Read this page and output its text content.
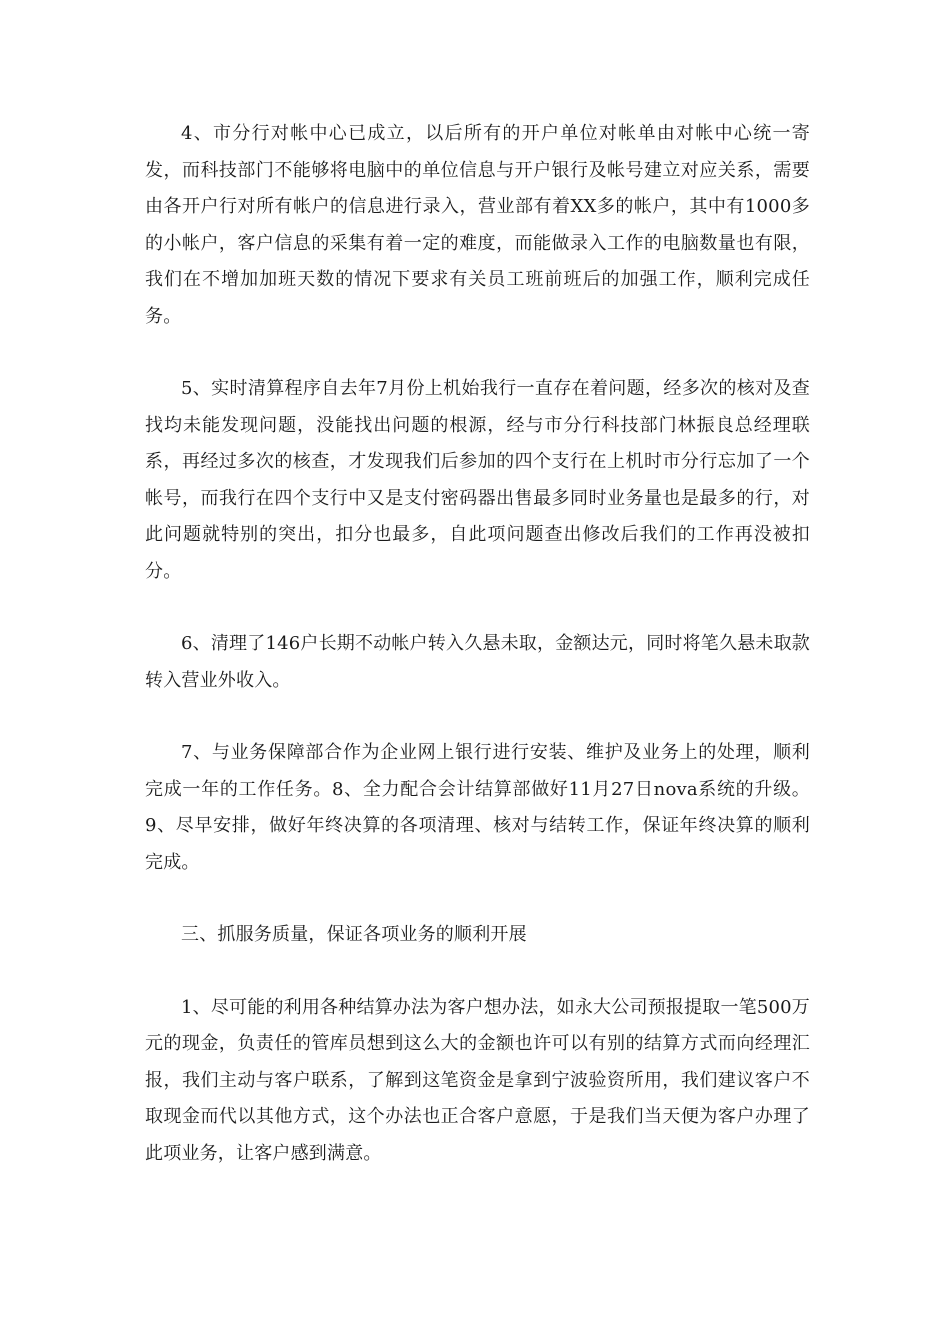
4、市分行对帐中心已成立，以后所有的开户单位对帐单由对帐中心统一寄发，而科技部门不能够将电脑中的单位信息与开户银行及帐号建立对应关系，需要由各开户行对所有帐户的信息进行录入，营业部有着XX多的帐户，其中有1000多的小帐户，客户信息的采集有着一定的难度，而能做录入工作的电脑数量也有限，我们在不增加加班天数的情况下要求有关员工班前班后的加强工作，顺利完成任务。

5、实时清算程序自去年7月份上机始我行一直存在着问题，经多次的核对及查找均未能发现问题，没能找出问题的根源，经与市分行科技部门林振良总经理联系，再经过多次的核查，才发现我们后参加的四个支行在上机时市分行忘加了一个帐号，而我行在四个支行中又是支付密码器出售最多同时业务量也是最多的行，对此问题就特别的突出，扣分也最多，自此项问题查出修改后我们的工作再没被扣分。

6、清理了146户长期不动帐户转入久悬未取，金额达元，同时将笔久悬未取款转入营业外收入。

7、与业务保障部合作为企业网上银行进行安装、维护及业务上的处理，顺利完成一年的工作任务。8、全力配合会计结算部做好11月27日nova系统的升级。9、尽早安排，做好年终决算的各项清理、核对与结转工作，保证年终决算的顺利完成。

三、抓服务质量，保证各项业务的顺利开展

1、尽可能的利用各种结算办法为客户想办法，如永大公司预报提取一笔500万元的现金，负责任的管库员想到这么大的金额也许可以有别的结算方式而向经理汇报，我们主动与客户联系，了解到这笔资金是拿到宁波验资所用，我们建议客户不取现金而代以其他方式，这个办法也正合客户意愿，于是我们当天便为客户办理了此项业务，让客户感到满意。
